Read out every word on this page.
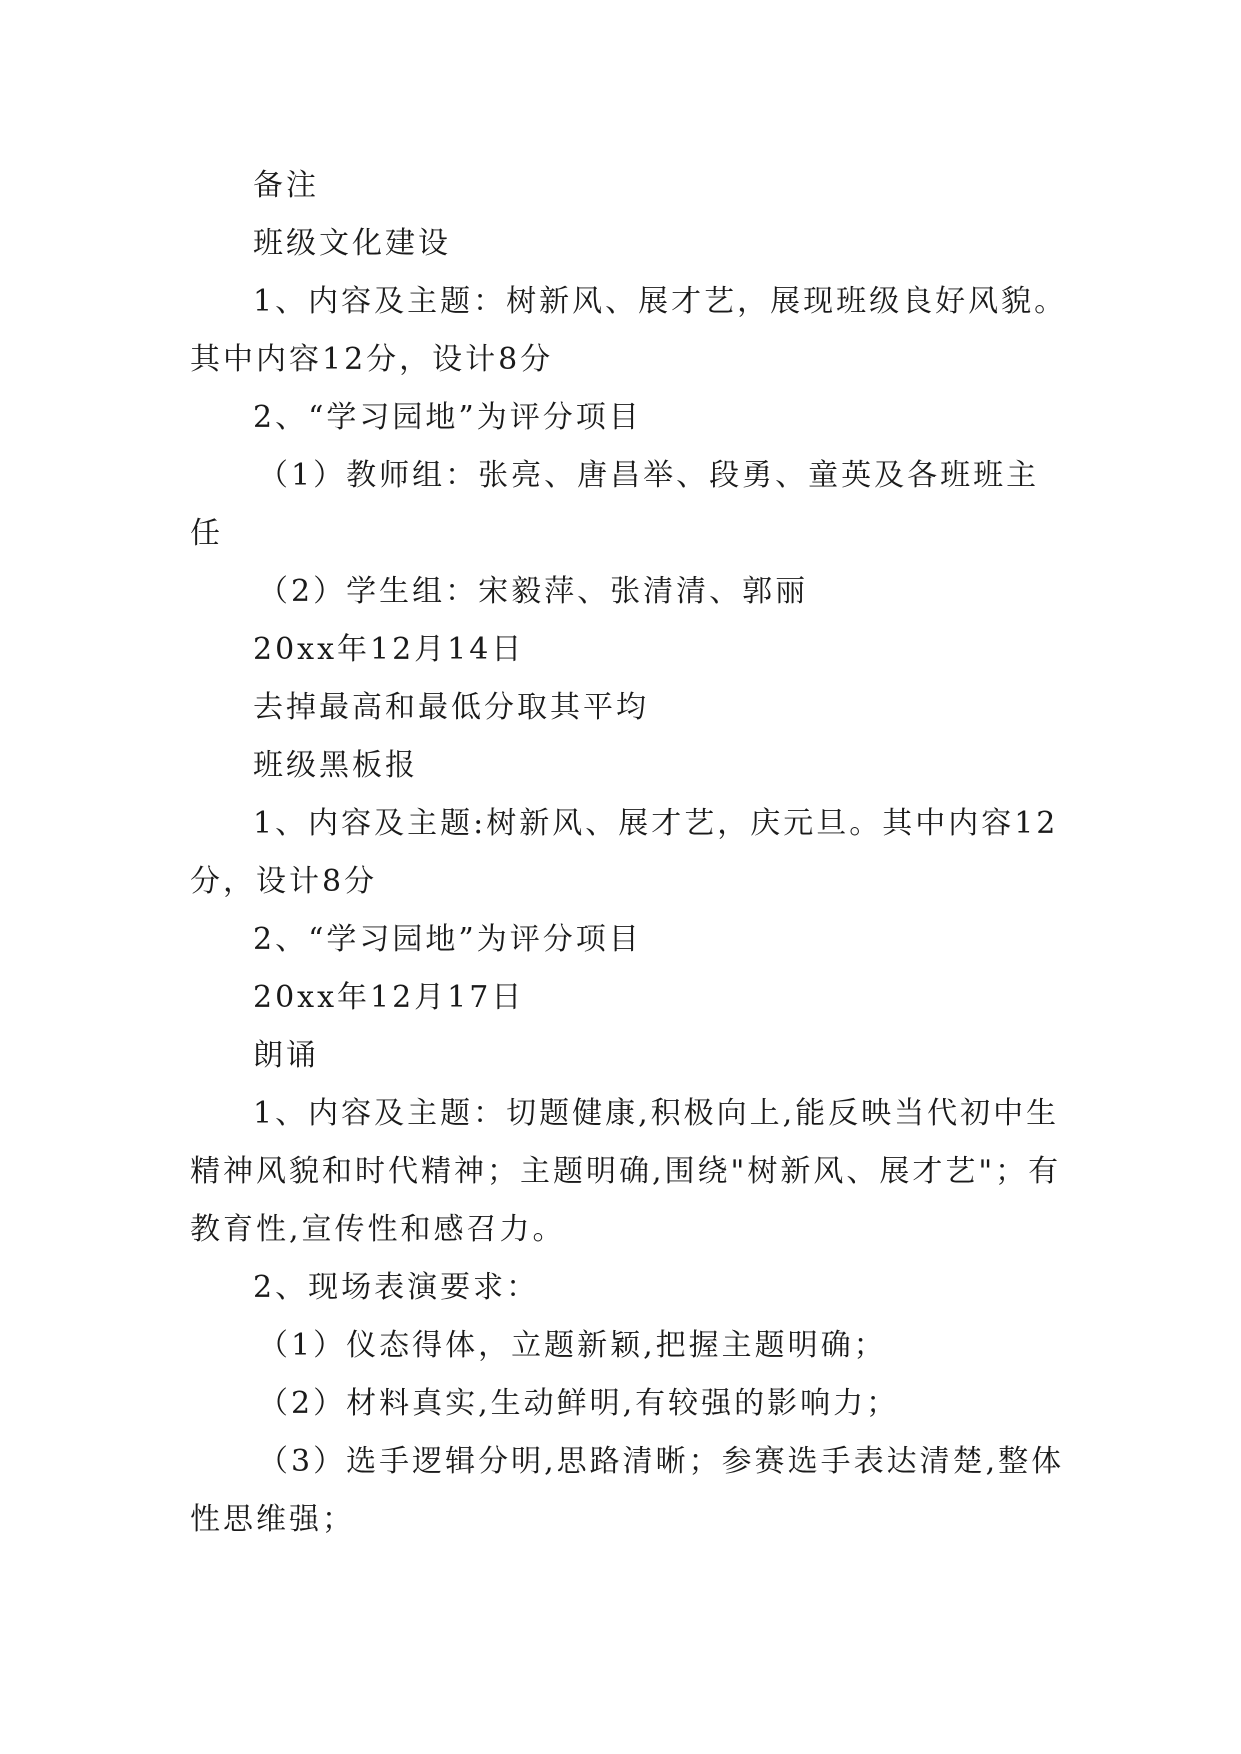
备注

班级文化建设

1、内容及主题：树新风、展才艺，展现班级良好风貌。其中内容12分，设计8分

2、“学习园地”为评分项目

（1）教师组：张亮、唐昌举、段勇、童英及各班班主任

（2）学生组：宋毅萍、张清清、郭丽

20xx年12月14日

去掉最高和最低分取其平均

班级黑板报

1、内容及主题:树新风、展才艺，庆元旦。其中内容12分，设计8分

2、“学习园地”为评分项目

20xx年12月17日

朗诵

1、内容及主题：切题健康,积极向上,能反映当代初中生精神风貌和时代精神；主题明确,围绕"树新风、展才艺"；有教育性,宣传性和感召力。

2、现场表演要求：

（1）仪态得体，立题新颖,把握主题明确；

（2）材料真实,生动鲜明,有较强的影响力；

（3）选手逻辑分明,思路清晰；参赛选手表达清楚,整体性思维强；
